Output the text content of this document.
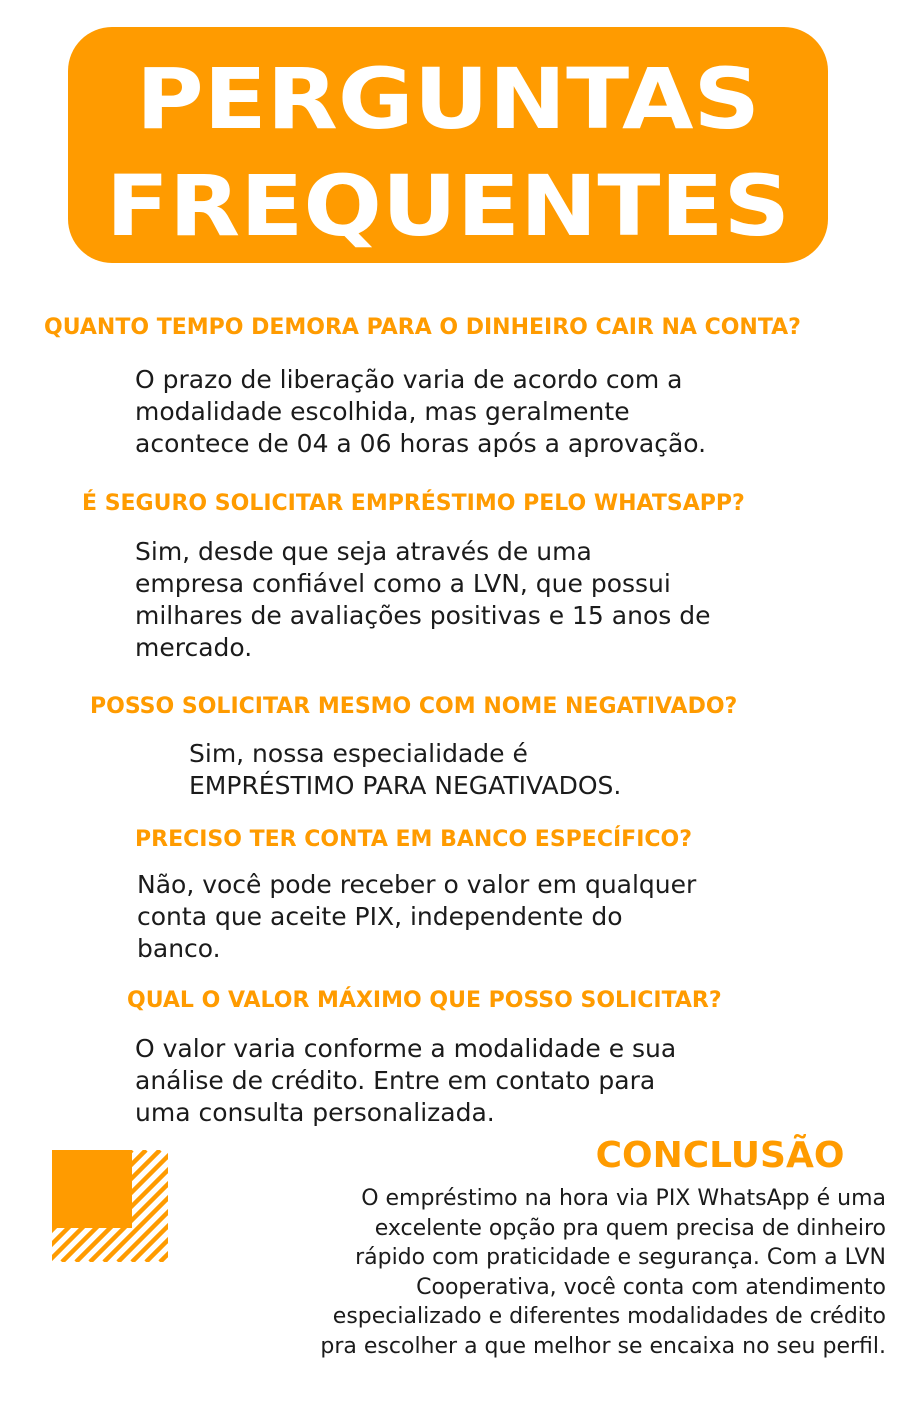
PERGUNTAS
FREQUENTES
QUANTO TEMPO DEMORA PARA O DINHEIRO CAIR NA CONTA?
O prazo de liberação varia de acordo com a
modalidade escolhida, mas geralmente
acontece de 04 a 06 horas após a aprovação.
É SEGURO SOLICITAR EMPRÉSTIMO PELO WHATSAPP?
Sim, desde que seja através de uma
empresa confiável como a LVN, que possui
milhares de avaliações positivas e 15 anos de
mercado.
POSSO SOLICITAR MESMO COM NOME NEGATIVADO?
Sim, nossa especialidade é
EMPRÉSTIMO PARA NEGATIVADOS.
PRECISO TER CONTA EM BANCO ESPECÍFICO?
Não, você pode receber o valor em qualquer
conta que aceite PIX, independente do
banco.
QUAL O VALOR MÁXIMO QUE POSSO SOLICITAR?
O valor varia conforme a modalidade e sua
análise de crédito. Entre em contato para
uma consulta personalizada.
CONCLUSÃO
O empréstimo na hora via PIX WhatsApp é uma
excelente opção pra quem precisa de dinheiro
rápido com praticidade e segurança. Com a LVN
Cooperativa, você conta com atendimento
especializado e diferentes modalidades de crédito
pra escolher a que melhor se encaixa no seu perfil.
